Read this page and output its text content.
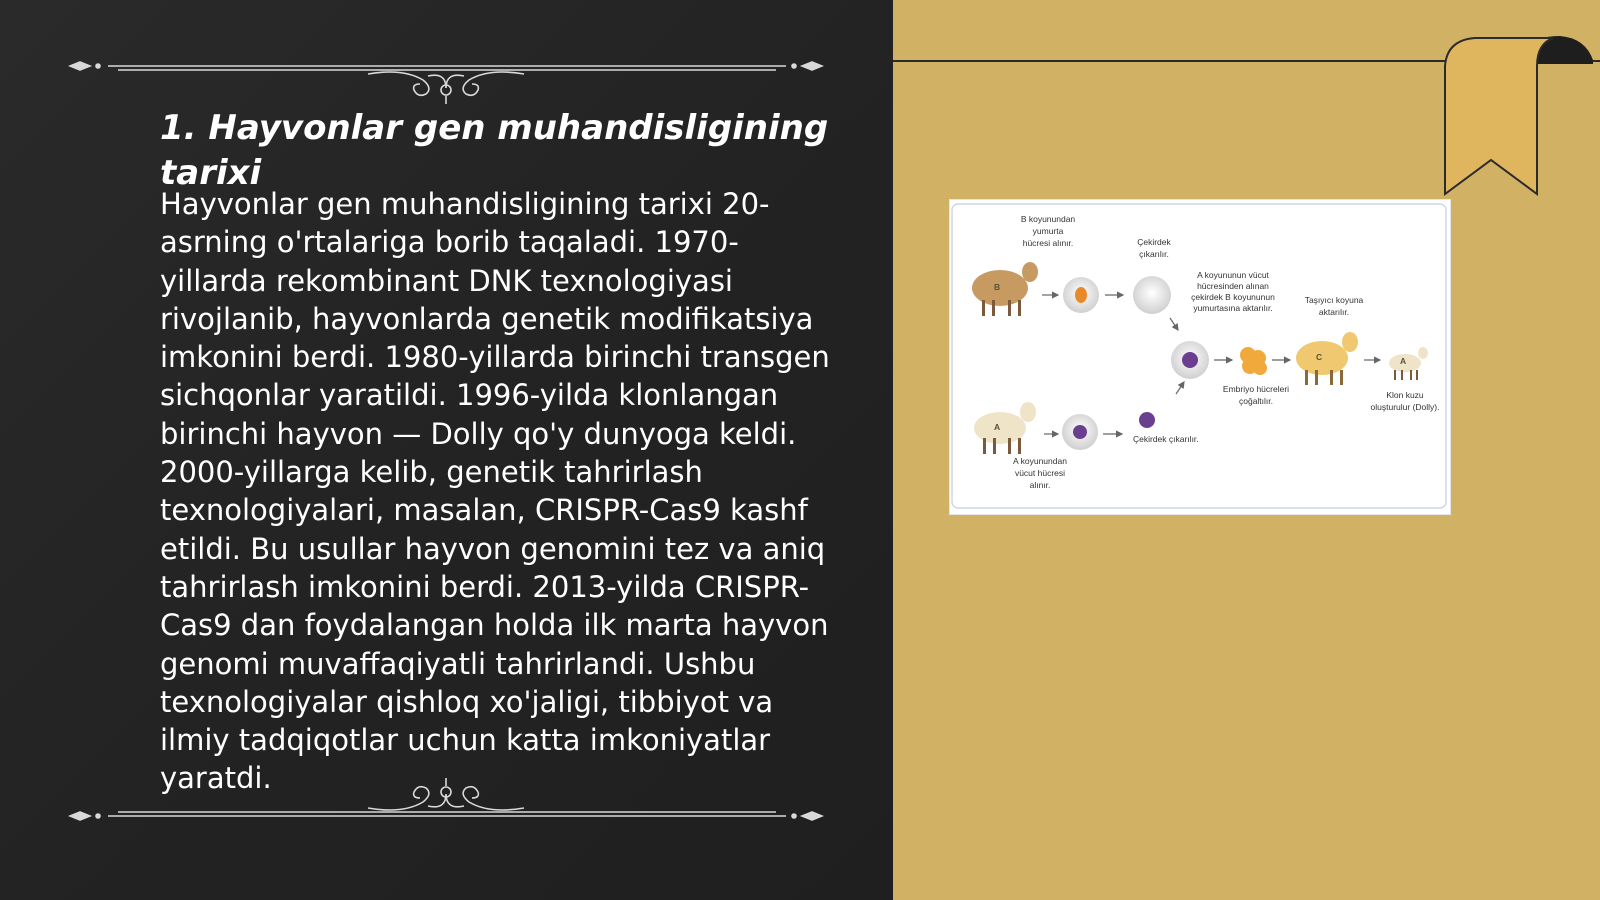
1. Hayvonlar gen muhandisligining tarixi

Hayvonlar gen muhandisligining tarixi 20-asrning o'rtalariga borib taqaladi. 1970-yillarda rekombinant DNK texnologiyasi rivojlanib, hayvonlarda genetik modifikatsiya imkonini berdi. 1980-yillarda birinchi transgen sichqonlar yaratildi. 1996-yilda klonlangan birinchi hayvon — Dolly qo'y dunyoga keldi. 2000-yillarga kelib, genetik tahrirlash texnologiyalari, masalan, CRISPR-Cas9 kashf etildi. Bu usullar hayvon genomini tez va aniq tahrirlash imkonini berdi. 2013-yilda CRISPR-Cas9 dan foydalangan holda ilk marta hayvon genomi muvaffaqiyatli tahrirlandi. Ushbu texnologiyalar qishloq xo'jaligi, tibbiyot va ilmiy tadqiqotlar uchun katta imkoniyatlar yaratdi.

B
B koyunundan yumurta hücresi alınır.	Çekirdek çıkarılır.
A koyununun vücut hücresinden alınan çekirdek B koyununun yumurtasına aktarılır.
Embriyo hücreleri çoğaltılır.
C
Taşıyıcı koyuna aktarılır.
A
Klon kuzu oluşturulur (Dolly).
A
A koyunundan vücut hücresi alınır.
Çekirdek çıkarılır.
